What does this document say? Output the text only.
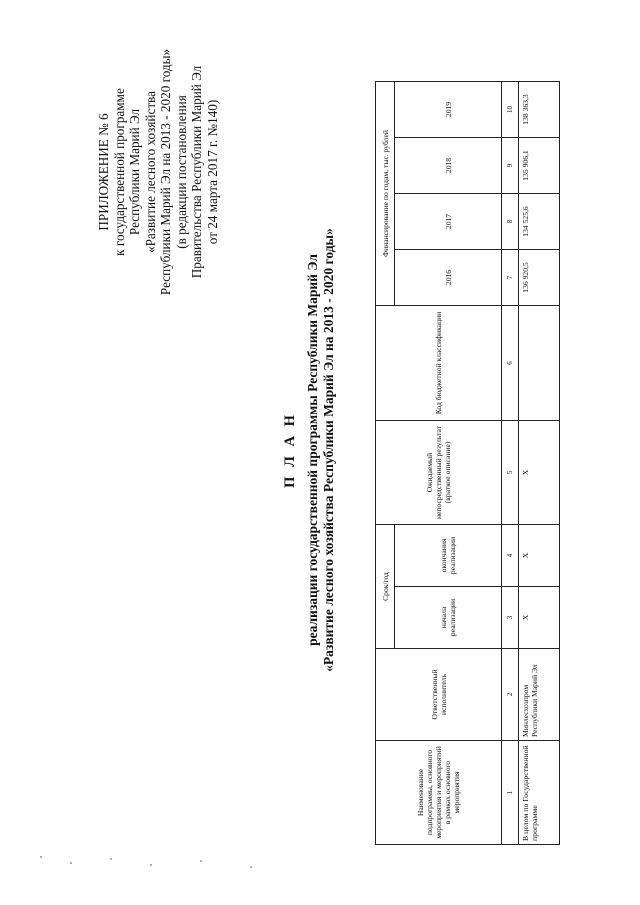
ПРИЛОЖЕНИЕ № 6 к государственной программе Республики Марий Эл «Развитие лесного хозяйства Республики Марий Эл на 2013 - 2020 годы» (в редакции постановления Правительства Республики Марий Эл от 24 марта 2017 г. №140)
П Л А Н реализации государственной программы Республики Марий Эл «Развитие лесного хозяйства Республики Марий Эл на 2013 - 2020 годы»
Наименование подпрограммы, основного мероприятия и мероприятий в рамках основного мероприятия	Ответственный исполнитель	Срок/год		Ожидаемый непосредственный результат (краткое описание)	Код бюджетной классификации	Финансирование по годам, тыс. рублей			
		начала реализации	окончания реализации			2016	2017	2018	2019
1	2	3	4	5	6	7	8	9	10
В целом по Государственной программе	Минлесхозпром Республики Марий Эл	X	X	X		136 920,5	134 525,6	135 906,1	138 363,3
